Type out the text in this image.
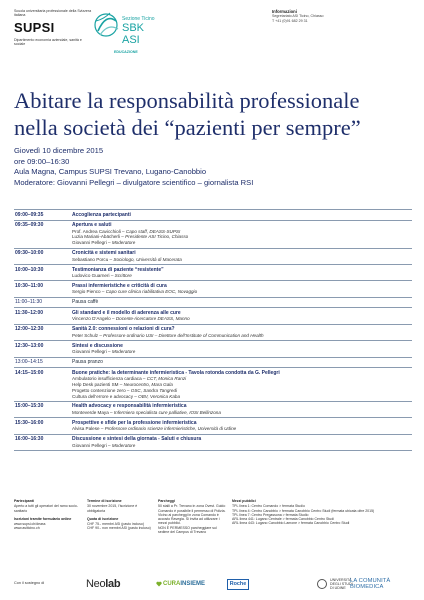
Scuola universitaria professionale della Svizzera italiana
SUPSI
Dipartimento economia aziendale, sanità e sociale
Sezione Ticino
SBK
ASI
EDUCAZIONE
Informazioni
Segretariato ASI Ticino, Chiasso
T +41 (0)91 682 29 31
Abitare la responsabilità professionale
nella società dei “pazienti per sempre”
Giovedì 10 dicembre 2015
ore 09:00–16:30
Aula Magna, Campus SUPSI Trevano, Lugano-Canobbio
Moderatore: Giovanni Pellegri – divulgatore scientifico – giornalista RSI
09:00–09:35	Accoglienza partecipanti
09:35–09:30	Apertura e saluti
Prof. Andrea Cavicchioli – Capo staff, DEASS-SUPSI
Luzia Mariani-Abächerli – Presidente ASI Ticino, Chiasso
Giovanni Pellegri – Moderatore
09:30–10:00	Cronicità e sistemi sanitari
Sebastiano Porcu – Sociologo, Università di Macerata
10:00–10:30	Testimonianza di paziente “resistente”
Ludovico Guarneri – Scrittore
10:30–11:00	Prassi infermieristiche e criticità di cura
Sergio Pienco – Capo cure clinica riabilitativa EOC, Novaggio
11:00–11:30	Pausa caffè
11:30–12:00	Gli standard e il modello di aderenza alle cure
Vincenzo D’Angelo – Docente-ricercatore DEASS, Manno
12:00–12:30	Sanità 2.0: connessioni o relazioni di cura?
Peter Schulz – Professore ordinario USI – Direttore dell’Institute of Communication and Health
12:30–13:00	Sintesi e discussione
Giovanni Pellegri – Moderatore
13:00–14:15	Pausa pranzo
14:15–15:00	Buone pratiche: la determinante infermieristica - Tavola rotonda condotta da G. Pellegri
Ambulatorio insufficienza cardiaca – CCT, Monica Ranzi
Help Desk pazienti SM – Neurocentro, Mara Gala
Progetto contenzione zero – OSC, Sandra Tangredi
Cultura dell’errore e advocacy – OBV, Veronica Kaba
15:00–15:30	Health advocacy e responsabilità infermieristica
Monteverde Maya – Infermiera specialista cure palliative, IOSI Bellinzona
15:30–16:00	Prospettive e sfide per la professione infermieristica
Alvisa Palese – Professore ordinario scienze infermieristiche, Università di Udine
16:00–16:30	Discussione e sintesi della giornata - Saluti e chiusura
Giovanni Pellegri – Moderatore
Partecipanti
Aperto a tutti gli operatori del ramo socio-sanitario
Iscrizioni tramite formulario online
www.supsi.ch/deass
www.asiticino.ch
Termine di iscrizione
30 novembre 2015, l’iscrizione è obbligatoria
Quota di iscrizione
CHF 75.- membri ASI (pasto incluso)
CHF 90.- non membri ASI (pasto incluso)
Parcheggi
50 stalli a Pr. Trevano in zona Ovest. Guido Comando è possibile il permesso di Polizia. Vicino ai parcheggi in zona Comando è accosto Ravegia. Si invita ad utilizzare i mezzi pubblici.
NON È PERMESSO parcheggiare sul sedime del Campus di Trevano
Mezzi pubblici
TPL linea 1: Centro Comando > fermata Studio
TPL linea 4: Centro Canobbio > fermata Canobbio Centro Studi (fermata ubicata oltre 2015)
TPL linea 7: Centro Pregassona > fermata Studio
ARL linea 441: Lugano Centrale > fermata Canobbio Centro Studi
ARL linea 443: Lugano Canobbio Lamone > fermata Canobbio Centro Studi
Con il sostegno di	Neo lab	CURA INSIEME	Roche
UNIVERSITÀ
DEGLI STUDI
DI UDINE
LA COMUNITÀ BIOMEDICA
